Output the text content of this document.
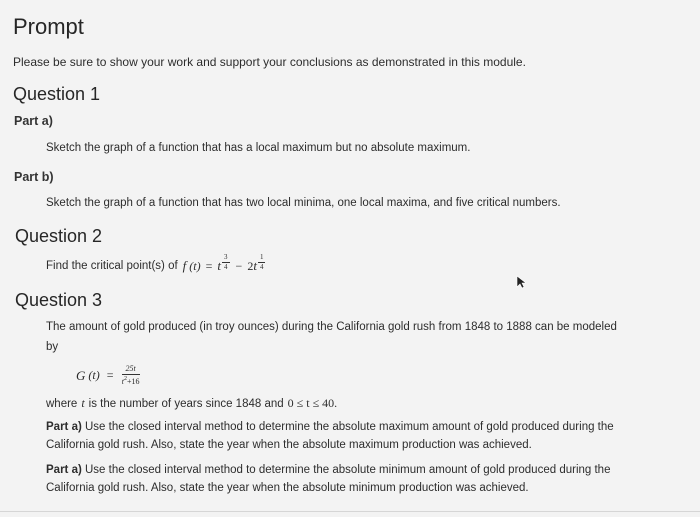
Prompt
Please be sure to show your work and support your conclusions as demonstrated in this module.
Question 1
Part a)
Sketch the graph of a function that has a local maximum but no absolute maximum.
Part b)
Sketch the graph of a function that has two local minima, one local maxima, and five critical numbers.
Question 2
Find the critical point(s) of f (t) = t $\frac{3}{4} - 2$ t $\frac{1}{4}$
Question 3
The amount of gold produced (in troy ounces) during the California gold rush from 1848 to 1888 can be modeled
by
G $(t) = \frac{25t}{t^2+16}$
where t is the number of years since 1848 and 0 ≤ t ≤ 40.
Part a) Use the closed interval method to determine the absolute maximum amount of gold produced during the
California gold rush. Also, state the year when the absolute maximum production was achieved.
Part a) Use the closed interval method to determine the absolute minimum amount of gold produced during the
California gold rush. Also, state the year when the absolute minimum production was achieved.
